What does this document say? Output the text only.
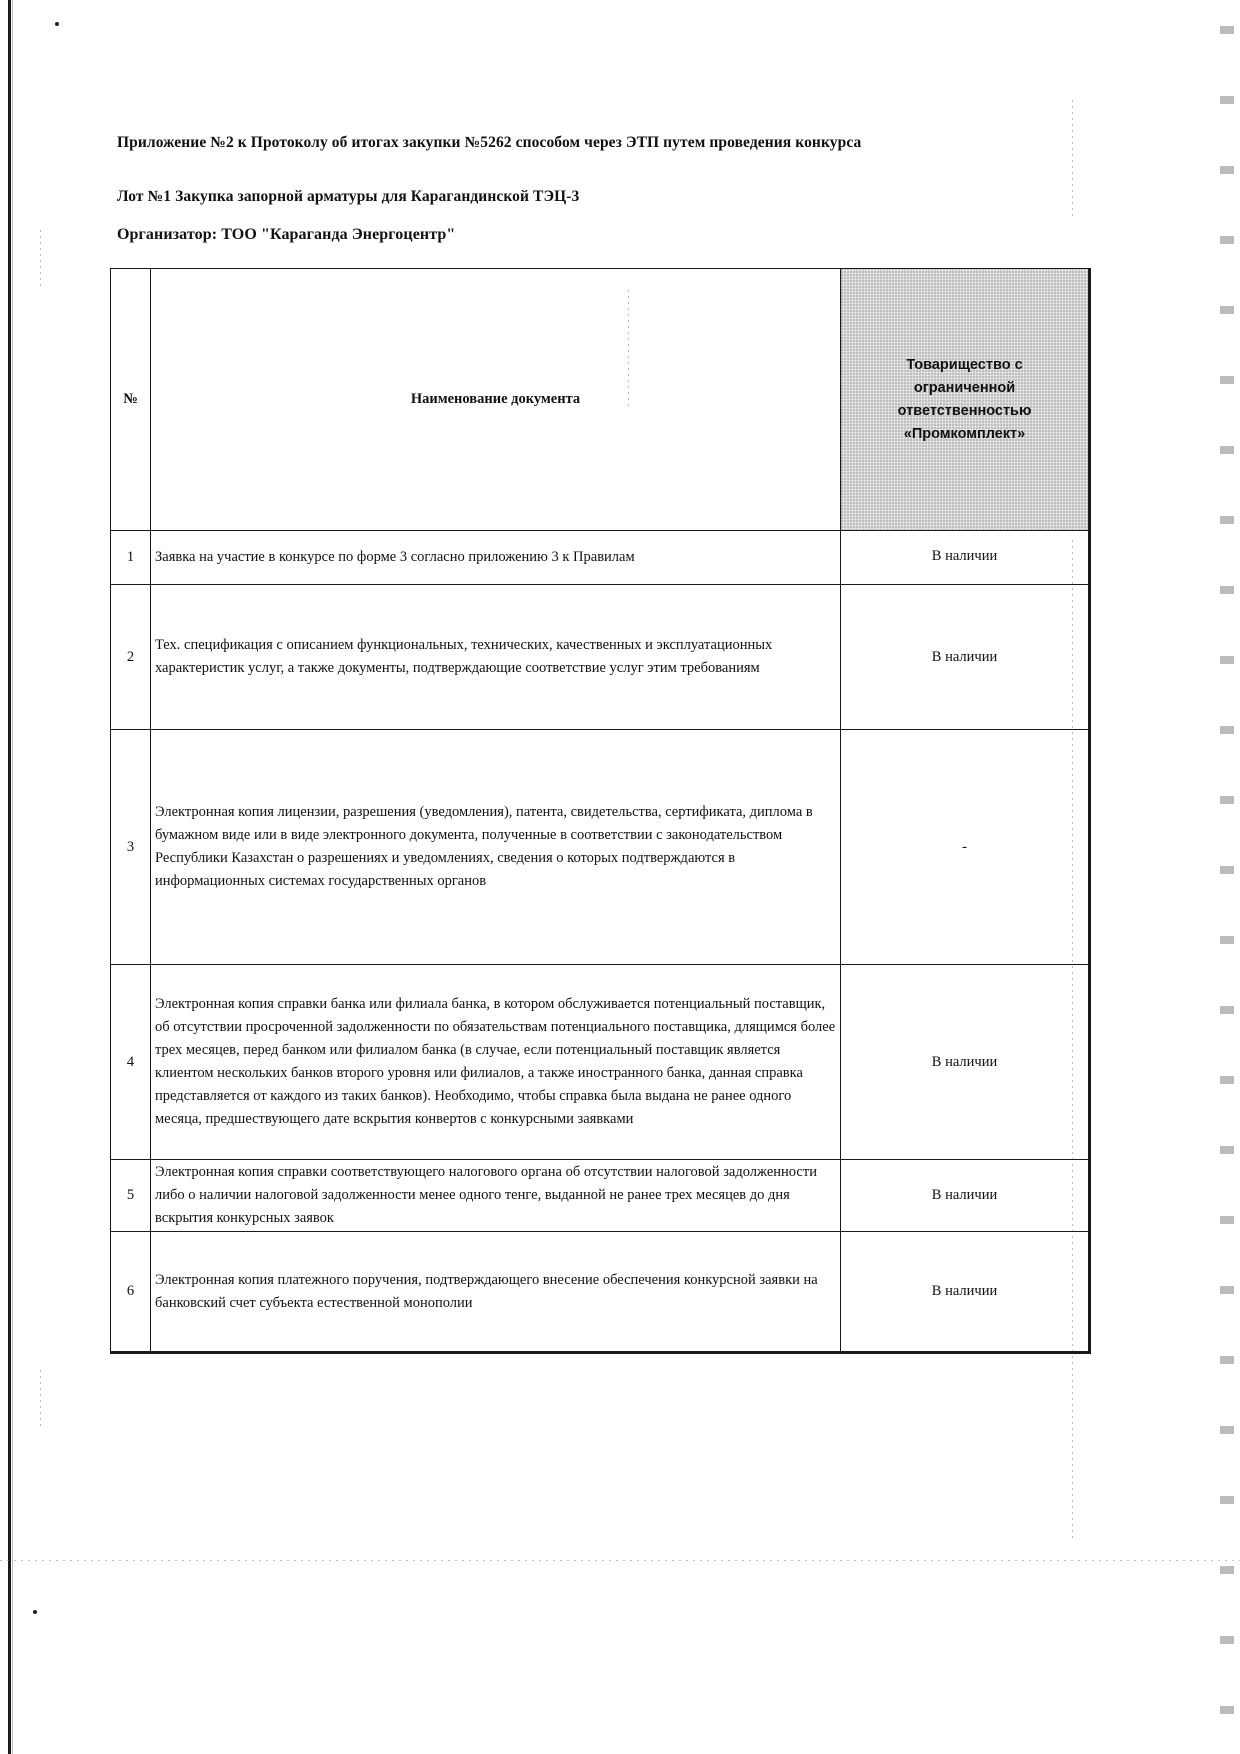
Приложение №2 к Протоколу об итогах закупки №5262 способом через ЭТП путем проведения конкурса
Лот №1 Закупка запорной арматуры для Карагандинской ТЭЦ-3
Организатор: ТОО "Караганда Энергоцентр"
№	Наименование документа	Товарищество с ограниченной ответственностью «Промкомплект»
1	Заявка на участие в конкурсе по форме 3 согласно приложению 3 к Правилам	В наличии

2	Тех. спецификация с описанием функциональных, технических, качественных и эксплуатационных характеристик услуг, а также документы, подтверждающие соответствие услуг этим требованиям	В наличии
3	Электронная копия лицензии, разрешения (уведомления), патента, свидетельства, сертификата, диплома в бумажном виде или в виде электронного документа, полученные в соответствии с законодательством Республики Казахстан о разрешениях и уведомлениях, сведения о которых подтверждаются в информационных системах государственных органов	-
4	Электронная копия справки банка или филиала банка, в котором обслуживается потенциальный поставщик, об отсутствии просроченной задолженности по обязательствам потенциального поставщика, длящимся более трех месяцев, перед банком или филиалом банка (в случае, если потенциальный поставщик является клиентом нескольких банков второго уровня или филиалов, а также иностранного банка, данная справка представляется от каждого из таких банков). Необходимо, чтобы справка была выдана не ранее одного месяца, предшествующего дате вскрытия конвертов с конкурсными заявками	В наличии
5	Электронная копия справки соответствующего налогового органа об отсутствии налоговой задолженности либо о наличии налоговой задолженности менее одного тенге, выданной не ранее трех месяцев до дня вскрытия конкурсных заявок	В наличии
6	Электронная копия платежного поручения, подтверждающего внесение обеспечения конкурсной заявки на банковский счет субъекта естественной монополии	В наличии
